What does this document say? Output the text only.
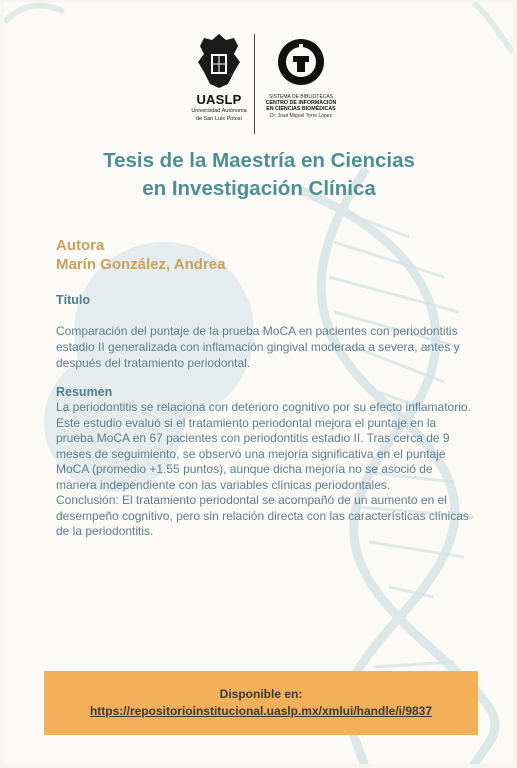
UASLP
Universidad Autónoma
de San Luis Potosí
SISTEMA DE BIBLIOTECAS
CENTRO DE INFORMACIÓN
EN CIENCIAS BIOMÉDICAS
Dr. José Miguel Torre López
Tesis de la Maestría en Ciencias
en Investigación Clínica
Autora
Marín González, Andrea
Título
Comparación del puntaje de la prueba MoCA en pacientes con periodontitis estadio II generalizada con inflamación gingival moderada a severa, antes y después del tratamiento periodontal.
Resumen

La periodontitis se relaciona con deterioro cognitivo por su efecto inflamatorio. Este estudio evaluó si el tratamiento periodontal mejora el puntaje en la prueba MoCA en 67 pacientes con periodontitis estadio II. Tras cerca de 9 meses de seguimiento, se observó una mejoría significativa en el puntaje MoCA (promedio +1.55 puntos), aunque dicha mejoría no se asoció de manera independiente con las variables clínicas periodontales.

Conclusión: El tratamiento periodontal se acompañó de un aumento en el desempeño cognitivo, pero sin relación directa con las características clínicas de la periodontitis.

Disponible en:
https://repositorioinstitucional.uaslp.mx/xmlui/handle/i/9837
